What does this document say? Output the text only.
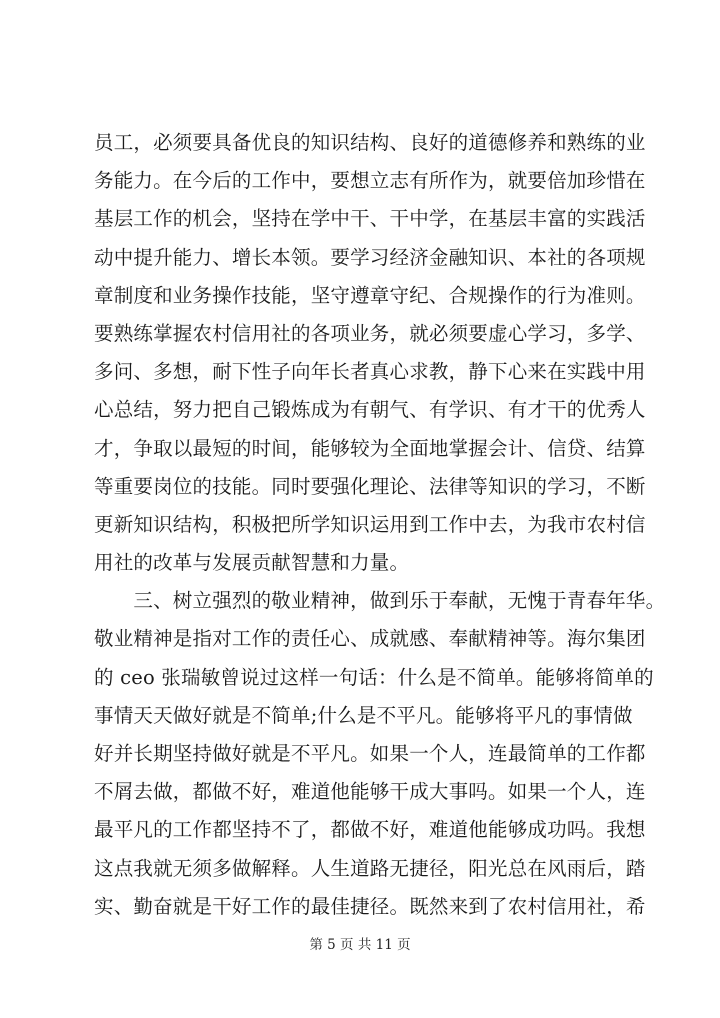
员工，必须要具备优良的知识结构、良好的道德修养和熟练的业
务能力。在今后的工作中，要想立志有所作为，就要倍加珍惜在
基层工作的机会，坚持在学中干、干中学，在基层丰富的实践活
动中提升能力、增长本领。要学习经济金融知识、本社的各项规
章制度和业务操作技能，坚守遵章守纪、合规操作的行为准则。
要熟练掌握农村信用社的各项业务，就必须要虚心学习，多学、
多问、多想，耐下性子向年长者真心求教，静下心来在实践中用
心总结，努力把自己锻炼成为有朝气、有学识、有才干的优秀人
才，争取以最短的时间，能够较为全面地掌握会计、信贷、结算
等重要岗位的技能。同时要强化理论、法律等知识的学习，不断
更新知识结构，积极把所学知识运用到工作中去，为我市农村信
用社的改革与发展贡献智慧和力量。
　　三、树立强烈的敬业精神，做到乐于奉献，无愧于青春年华。
敬业精神是指对工作的责任心、成就感、奉献精神等。海尔集团
的 ceo 张瑞敏曾说过这样一句话：什么是不简单。能够将简单的
事情天天做好就是不简单;什么是不平凡。能够将平凡的事情做
好并长期坚持做好就是不平凡。如果一个人，连最简单的工作都
不屑去做，都做不好，难道他能够干成大事吗。如果一个人，连
最平凡的工作都坚持不了，都做不好，难道他能够成功吗。我想
这点我就无须多做解释。人生道路无捷径，阳光总在风雨后，踏
实、勤奋就是干好工作的最佳捷径。既然来到了农村信用社，希
第 5 页 共 11 页
